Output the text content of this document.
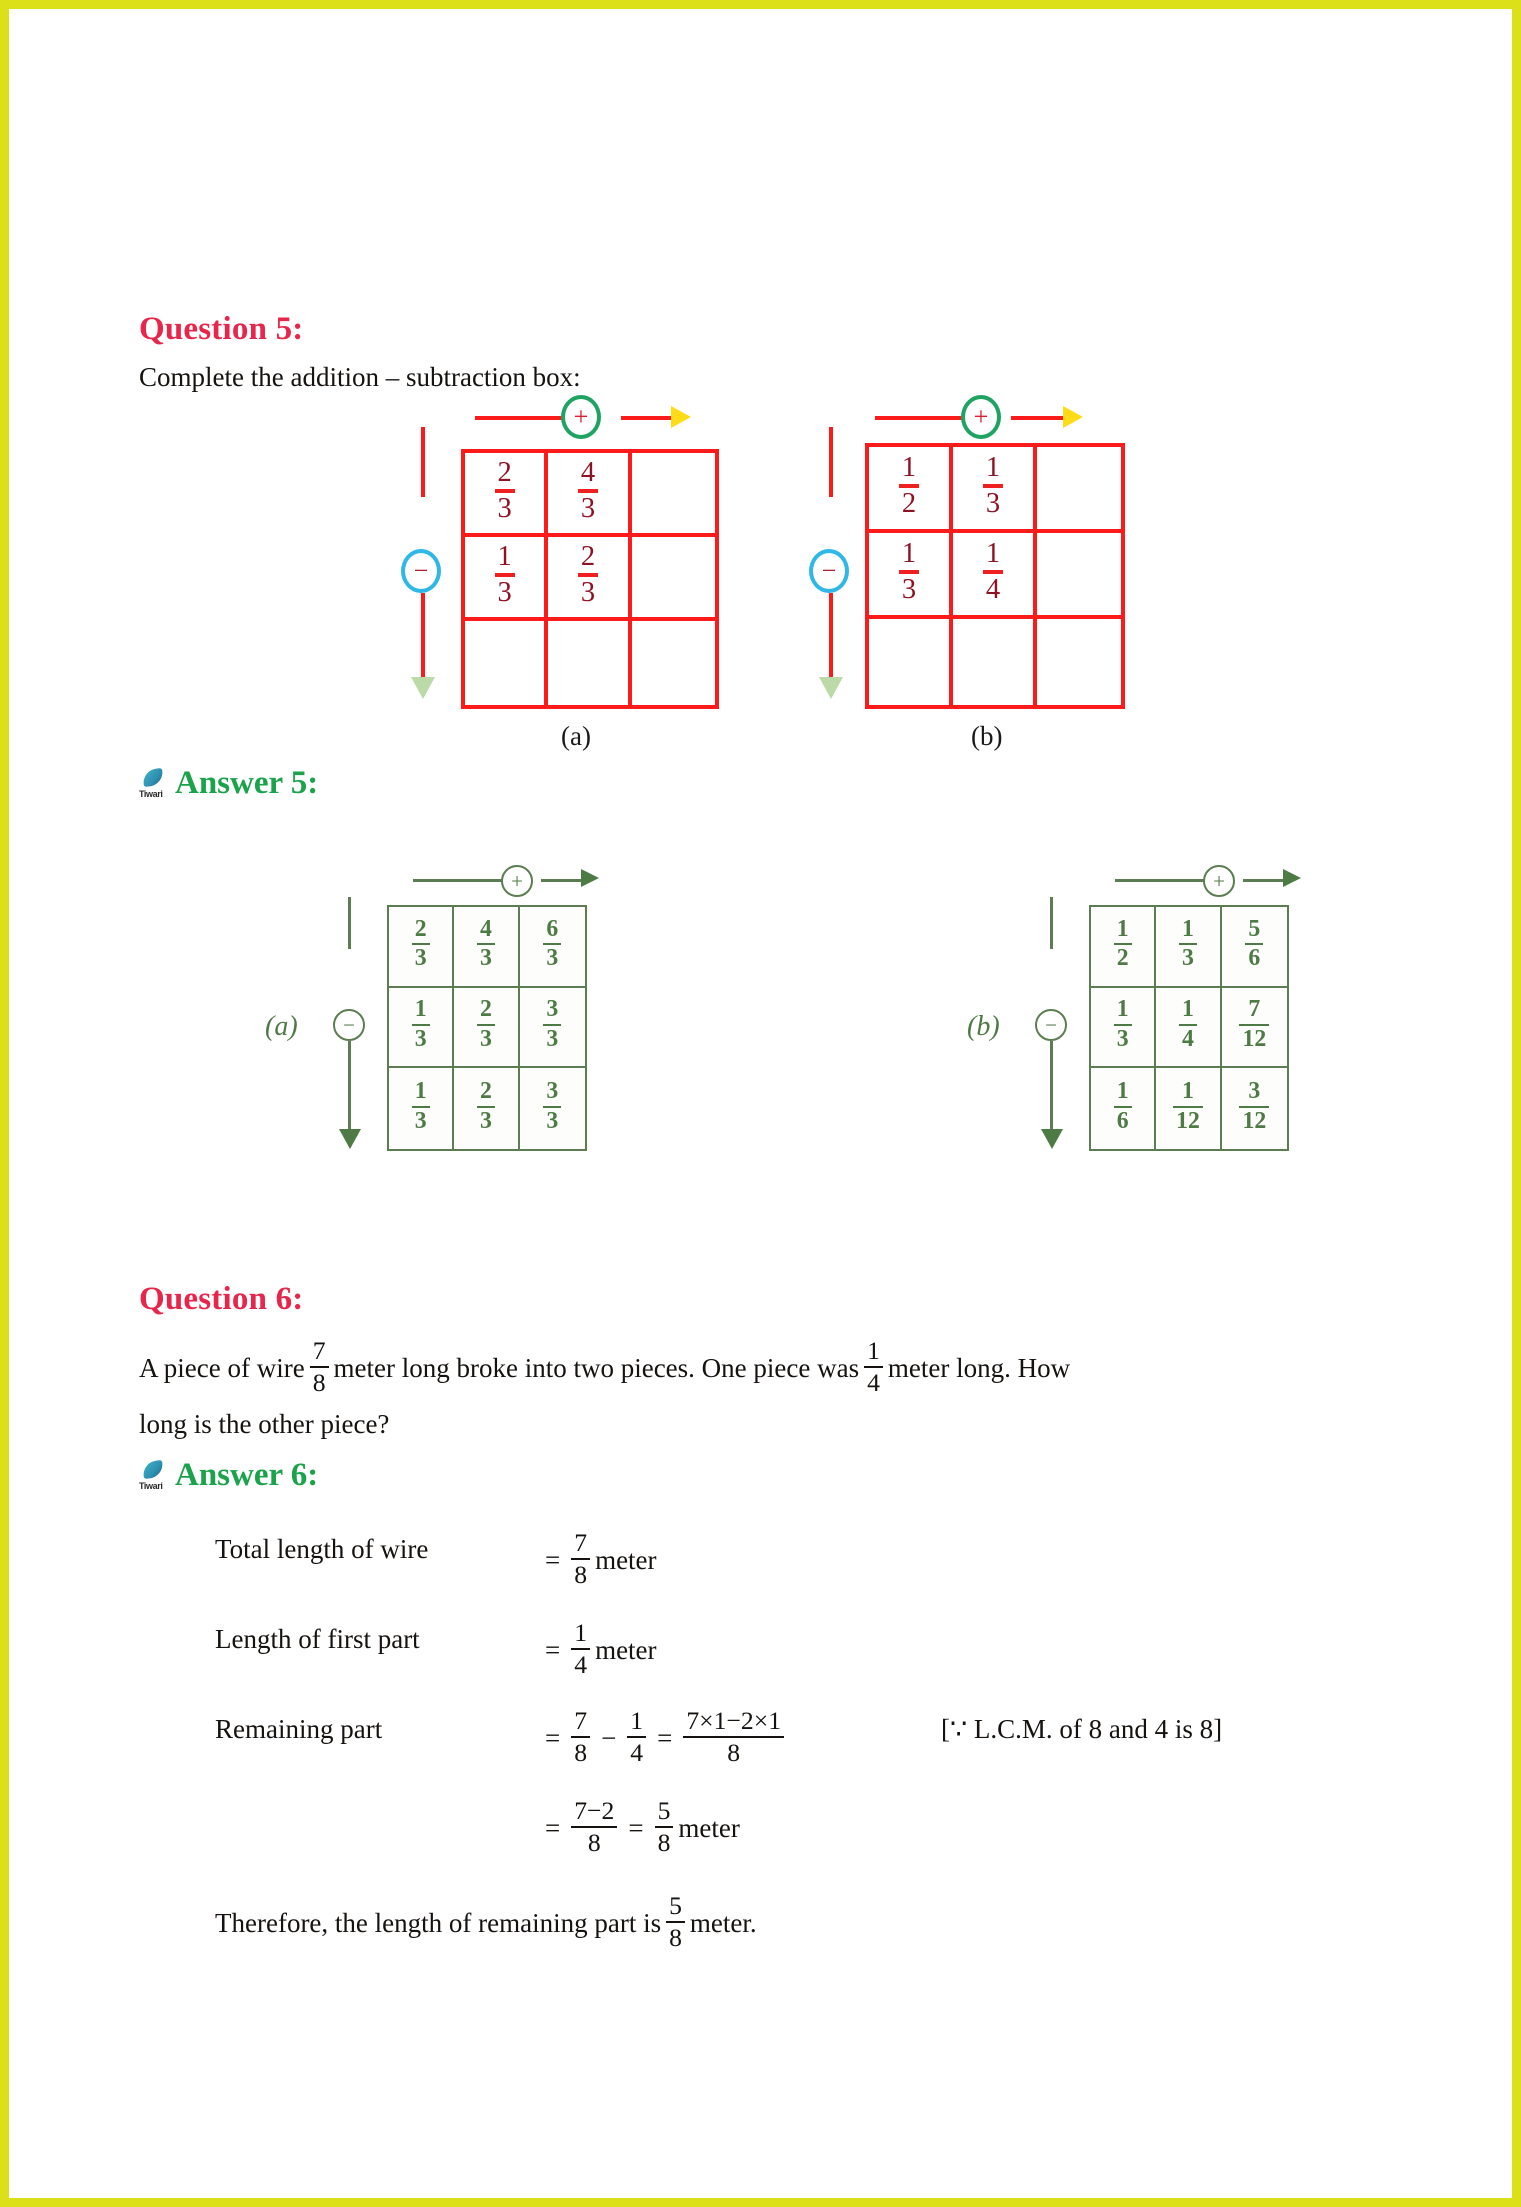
Question 5:
Complete the addition – subtraction box:
+
−
$\frac{2}{3} \frac{4}{3}$
$\frac{1}{3} \frac{2}{3}$
(a)
+
−
$\frac{1}{2} \frac{1}{3}$
$\frac{1}{3} \frac{1}{4}$
(b)
Tiwari Answer 5:
+
−
(a)
$\frac{2}{3} \frac{4}{3} \frac{6}{3}$
$\frac{1}{3} \frac{2}{3} \frac{3}{3}$
$\frac{1}{3} \frac{2}{3} \frac{3}{3}$
+
−
(b)
$\frac{1}{2} \frac{1}{3} \frac{5}{6}$
$\frac{1}{3} \frac{1}{4} \frac{7}{12}$
$\frac{1}{6} \frac{1}{12} \frac{3}{12}$
Question 6:
A piece of wire $\frac{7}{8}$ meter long broke into two pieces. One piece was $\frac{1}{4}$ meter long. How
long is the other piece?
Tiwari Answer 6:
Total length of wire	= $\frac{7}{8}$ meter
Length of first part	= $\frac{1}{4}$ meter
Remaining part	= $\frac{7}{8} - \frac{1}{4} = \frac{7\times 1-2\times 1}{8}$	[∵ L.C.M. of 8 and 4 is 8]
= $\frac{7-2}{8} = \frac{5}{8}$ meter
Therefore, the length of remaining part is $\frac{5}{8}$ meter.
